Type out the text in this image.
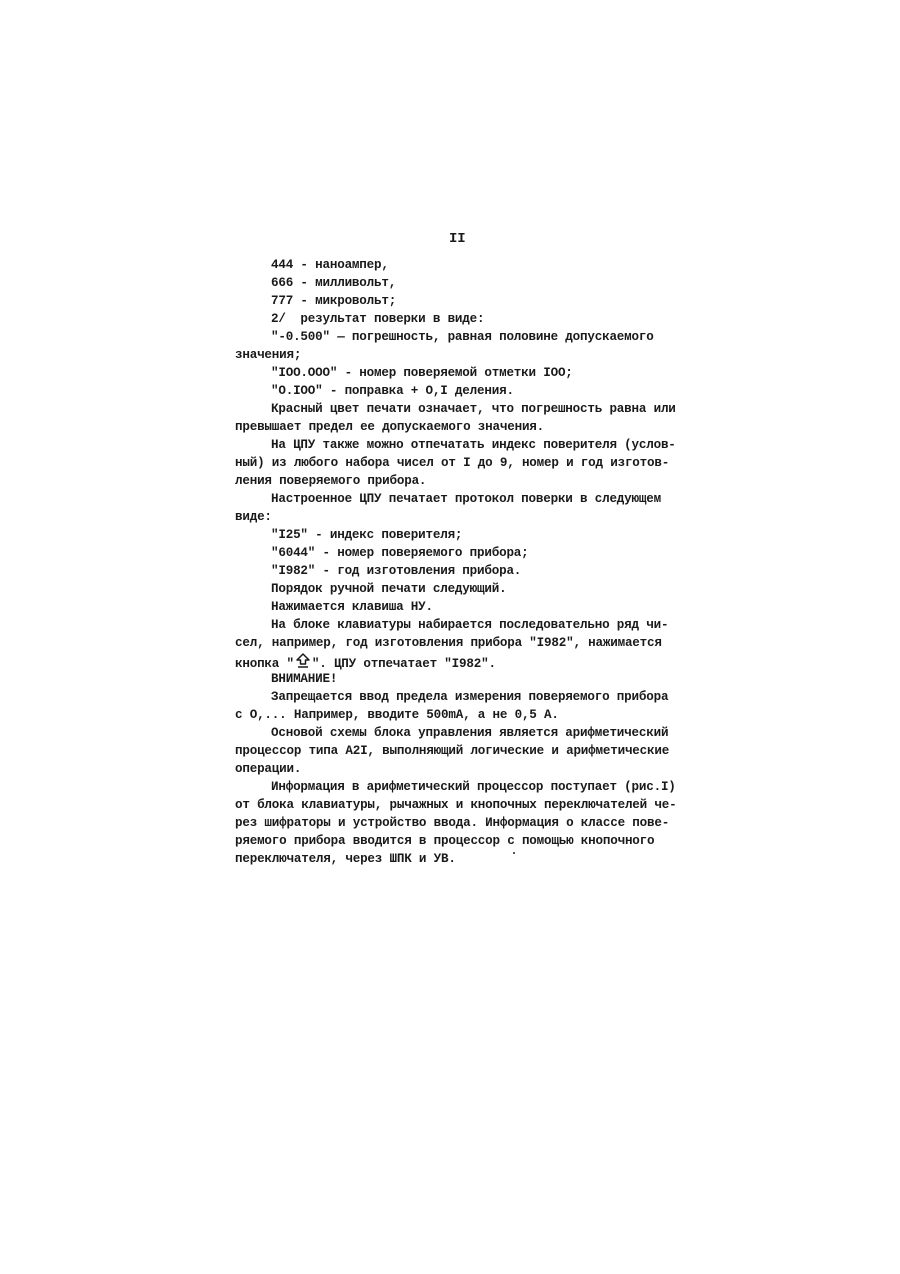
II
444 - наноампер,
666 - милливольт,
777 - микровольт;
2/  результат поверки в виде:
"-0.500" — погрешность, равная половине допускаемого
значения;
"IOO.OOO" - номер поверяемой отметки IOO;
"O.IOO" - поправка + O,I деления.
Красный цвет печати означает, что погрешность равна или
превышает предел ее допускаемого значения.
На ЦПУ также можно отпечатать индекс поверителя (услов-
ный) из любого набора чисел от I до 9, номер и год изготов-
ления поверяемого прибора.
Настроенное ЦПУ печатает протокол поверки в следующем
виде:
"I25" - индекс поверителя;
"6044" - номер поверяемого прибора;
"I982" - год изготовления прибора.
Порядок ручной печати следующий.
Нажимается клавиша НУ.
На блоке клавиатуры набирается последовательно ряд чи-
сел, например, год изготовления прибора "I982", нажимается
кнопка " ". ЦПУ отпечатает "I982".
ВНИМАНИЕ!
Запрещается ввод предела измерения поверяемого прибора
с O,... Например, вводите 500mA, а не 0,5 А.
Основой схемы блока управления является арифметический
процессор типа А2I, выполняющий логические и арифметические
операции.
Информация в арифметический процессор поступает (рис.I)
от блока клавиатуры, рычажных и кнопочных переключателей че-
рез шифраторы и устройство ввода. Информация о классе пове-
ряемого прибора вводится в процессор с помощью кнопочного
переключателя, через ШПК и УВ.
